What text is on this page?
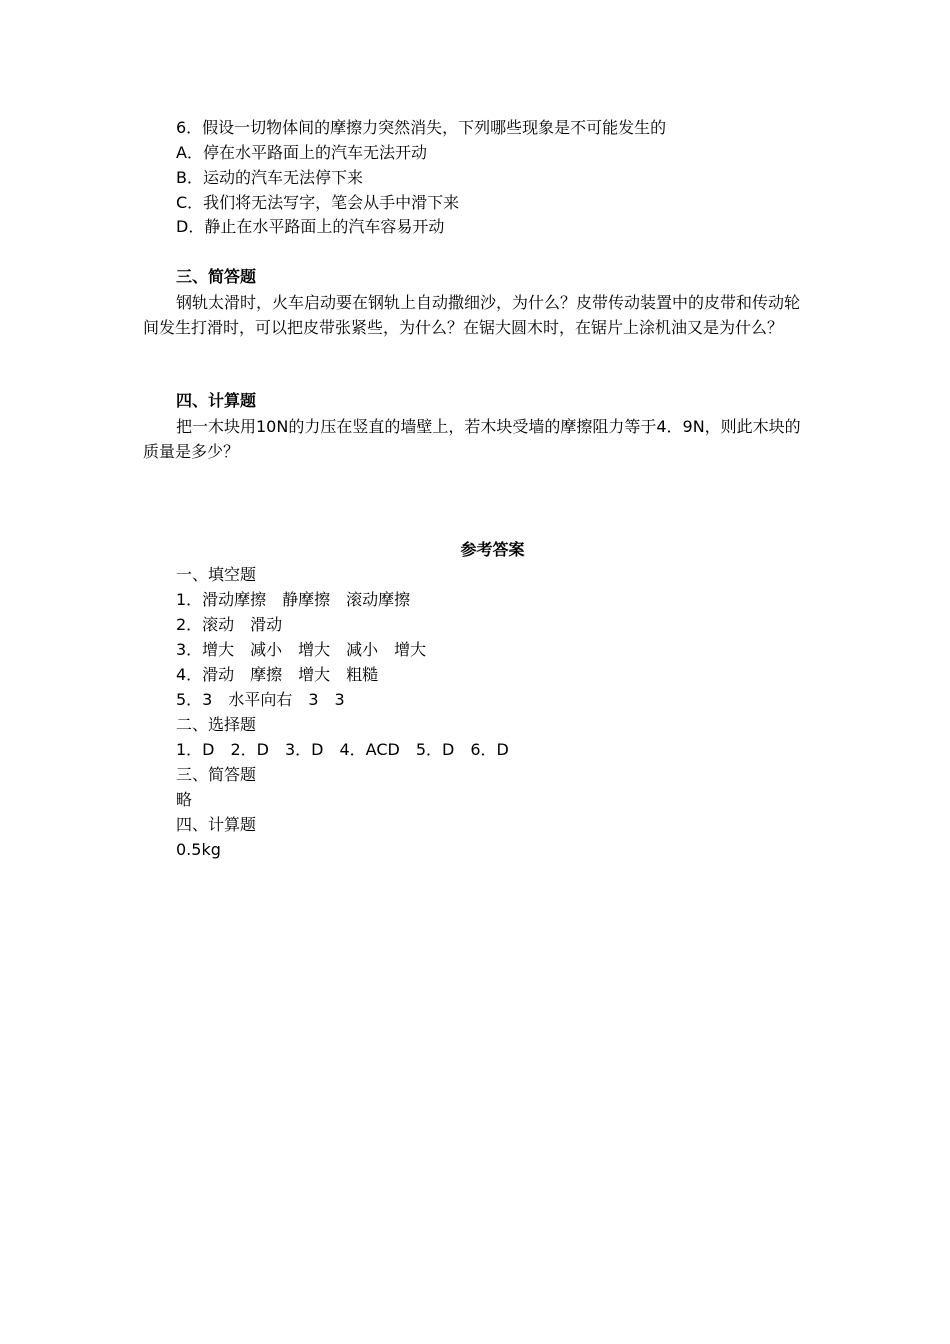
6．假设一切物体间的摩擦力突然消失，下列哪些现象是不可能发生的
A．停在水平路面上的汽车无法开动
B．运动的汽车无法停下来
C．我们将无法写字，笔会从手中滑下来
D．静止在水平路面上的汽车容易开动
三、简答题
钢轨太滑时，火车启动要在钢轨上自动撒细沙，为什么？皮带传动装置中的皮带和传动轮间发生打滑时，可以把皮带张紧些，为什么？在锯大圆木时，在锯片上涂机油又是为什么？
四、计算题
把一木块用10N的力压在竖直的墙壁上，若木块受墙的摩擦阻力等于4．9N，则此木块的质量是多少？
参考答案
一、填空题
1．滑动摩擦　静摩擦　滚动摩擦
2．滚动　滑动
3．增大　减小　增大　减小　增大
4．滑动　摩擦　增大　粗糙
5．3　水平向右　3　3
二、选择题
1．D　2．D　3．D　4．ACD　5．D　6．D
三、简答题
略
四、计算题
0.5kg
